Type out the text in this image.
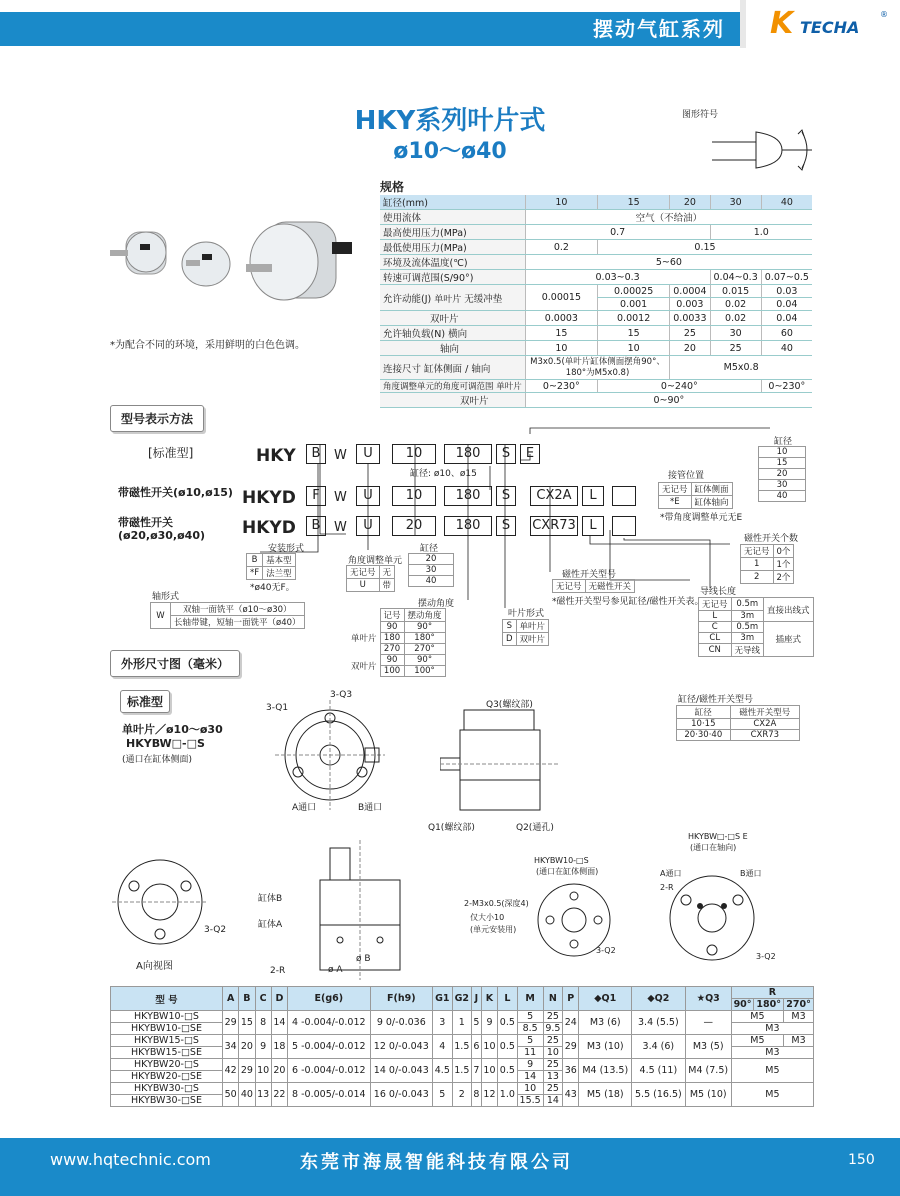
摆动气缸系列 K TECHA
®
HKY系列叶片式
ø10～ø40
图形符号
*为配合不同的环境，采用鲜明的白色色调。
规格
缸径(mm)	10	15	20	30	40
使用流体	空气（不给油）				
最高使用压力(MPa)	0.7			1.0	
最低使用压力(MPa)	0.2	0.15			
环境及流体温度(℃)	5~60				
转速可调范围(S/90°)	0.03~0.3			0.04~0.3	0.07~0.5
允许动能(J) 单叶片 无缓冲垫	0.00015	0.00025	0.0004	0.015	0.03
		0.001	0.003	0.02	0.04
双叶片	0.0003	0.0012	0.0033	0.02	0.04
允许轴负载(N) 横向	15	15	25	30	60
轴向	10	10	20	25	40
连接尺寸 缸体侧面 / 轴向	M3x0.5(单叶片缸体侧面摆角90°、180°为M5x0.8)		M5x0.8		
角度调整单元的角度可调范围 单叶片	0~230°	0~240°			0~230°
双叶片	0~90°				
型号表示方法
[标准型]
带磁性开关(ø10,ø15)
带磁性开关(ø20,ø30,ø40)
HKY	B	W	U	10	180	S	E
缸径: ø10、ø15
HKYD	F	W	U	10	180	S	CX2A	L
HKYD	B	W	U	20	180	S	CXR73	L
缸径
10
15
20
30
40
接管位置
无记号	缸体侧面
*E	缸体轴向
*带角度调整单元无E
磁性开关个数
无记号	0个
1	1个
2	2个
安装形式
B	基本型
*F	法兰型
*ø40无F。
角度调整单元
无记号	无
U	带
缸径
20
30
40
磁性开关型号
无记号	无磁性开关
*磁性开关型号参见缸径/磁性开关表。
导线长度
无记号	0.5m	直接出线式
L	3m	
C	0.5m	插座式
CL	3m	
CN	无导线	
轴形式
W	双轴一面铣平（ø10～ø30）
长轴带键，短轴一面铣平（ø40）
摆动角度
	记号	摆动角度
单叶片	90	90°
	180	180°
	270	270°
双叶片	90	90°
	100	100°
叶片形式
S	单叶片
D	双叶片
外形尺寸图（毫米）
标准型
单叶片／ø10～ø30
HKYBW□-□S
(通口在缸体侧面)
缸径/磁性开关型号
缸径	磁性开关型号
10·15	CX2A
20·30·40	CXR73
3-Q1
3-Q3
A通口	B通口
Q3(螺纹部)
Q1(螺纹部)	Q2(通孔)
3-Q2
A向视图
缸体B
缸体A
2-R	ø A
ø B
HKYBW10-□S
(通口在缸体侧面)
2-M3x0.5(深度4)
仅大小10
(单元安装用)
3-Q2
HKYBW□-□S E
(通口在轴向)
A通口	B通口
2-R
3-Q2
型 号	A	B	C	D	E(g6)	F(h9)	G1	G2	J	K	L	M	N	P	◆Q1	◆Q2	★Q3	R		
																		90°	180°	270°
HKYBW10-□S	29	15	8	14	4 -0.004/-0.012	9 0/-0.036	3	1	5	9	0.5	5	25	24	M3 (6)	3.4 (5.5)	—	M5		M3
HKYBW10-□SE												8.5	9.5					M3		
HKYBW15-□S	34	20	9	18	5 -0.004/-0.012	12 0/-0.043	4	1.5	6	10	0.5	5	25	29	M3 (10)	3.4 (6)	M3 (5)	M5		M3
HKYBW15-□SE												11	10					M3		
HKYBW20-□S	42	29	10	20	6 -0.004/-0.012	14 0/-0.043	4.5	1.5	7	10	0.5	9	25	36	M4 (13.5)	4.5 (11)	M4 (7.5)	M5		
HKYBW20-□SE												14	13							
HKYBW30-□S	50	40	13	22	8 -0.005/-0.014	16 0/-0.043	5	2	8	12	1.0	10	25	43	M5 (18)	5.5 (16.5)	M5 (10)	M5		
HKYBW30-□SE												15.5	14							
www.hqtechnic.com	东莞市海晟智能科技有限公司	150
